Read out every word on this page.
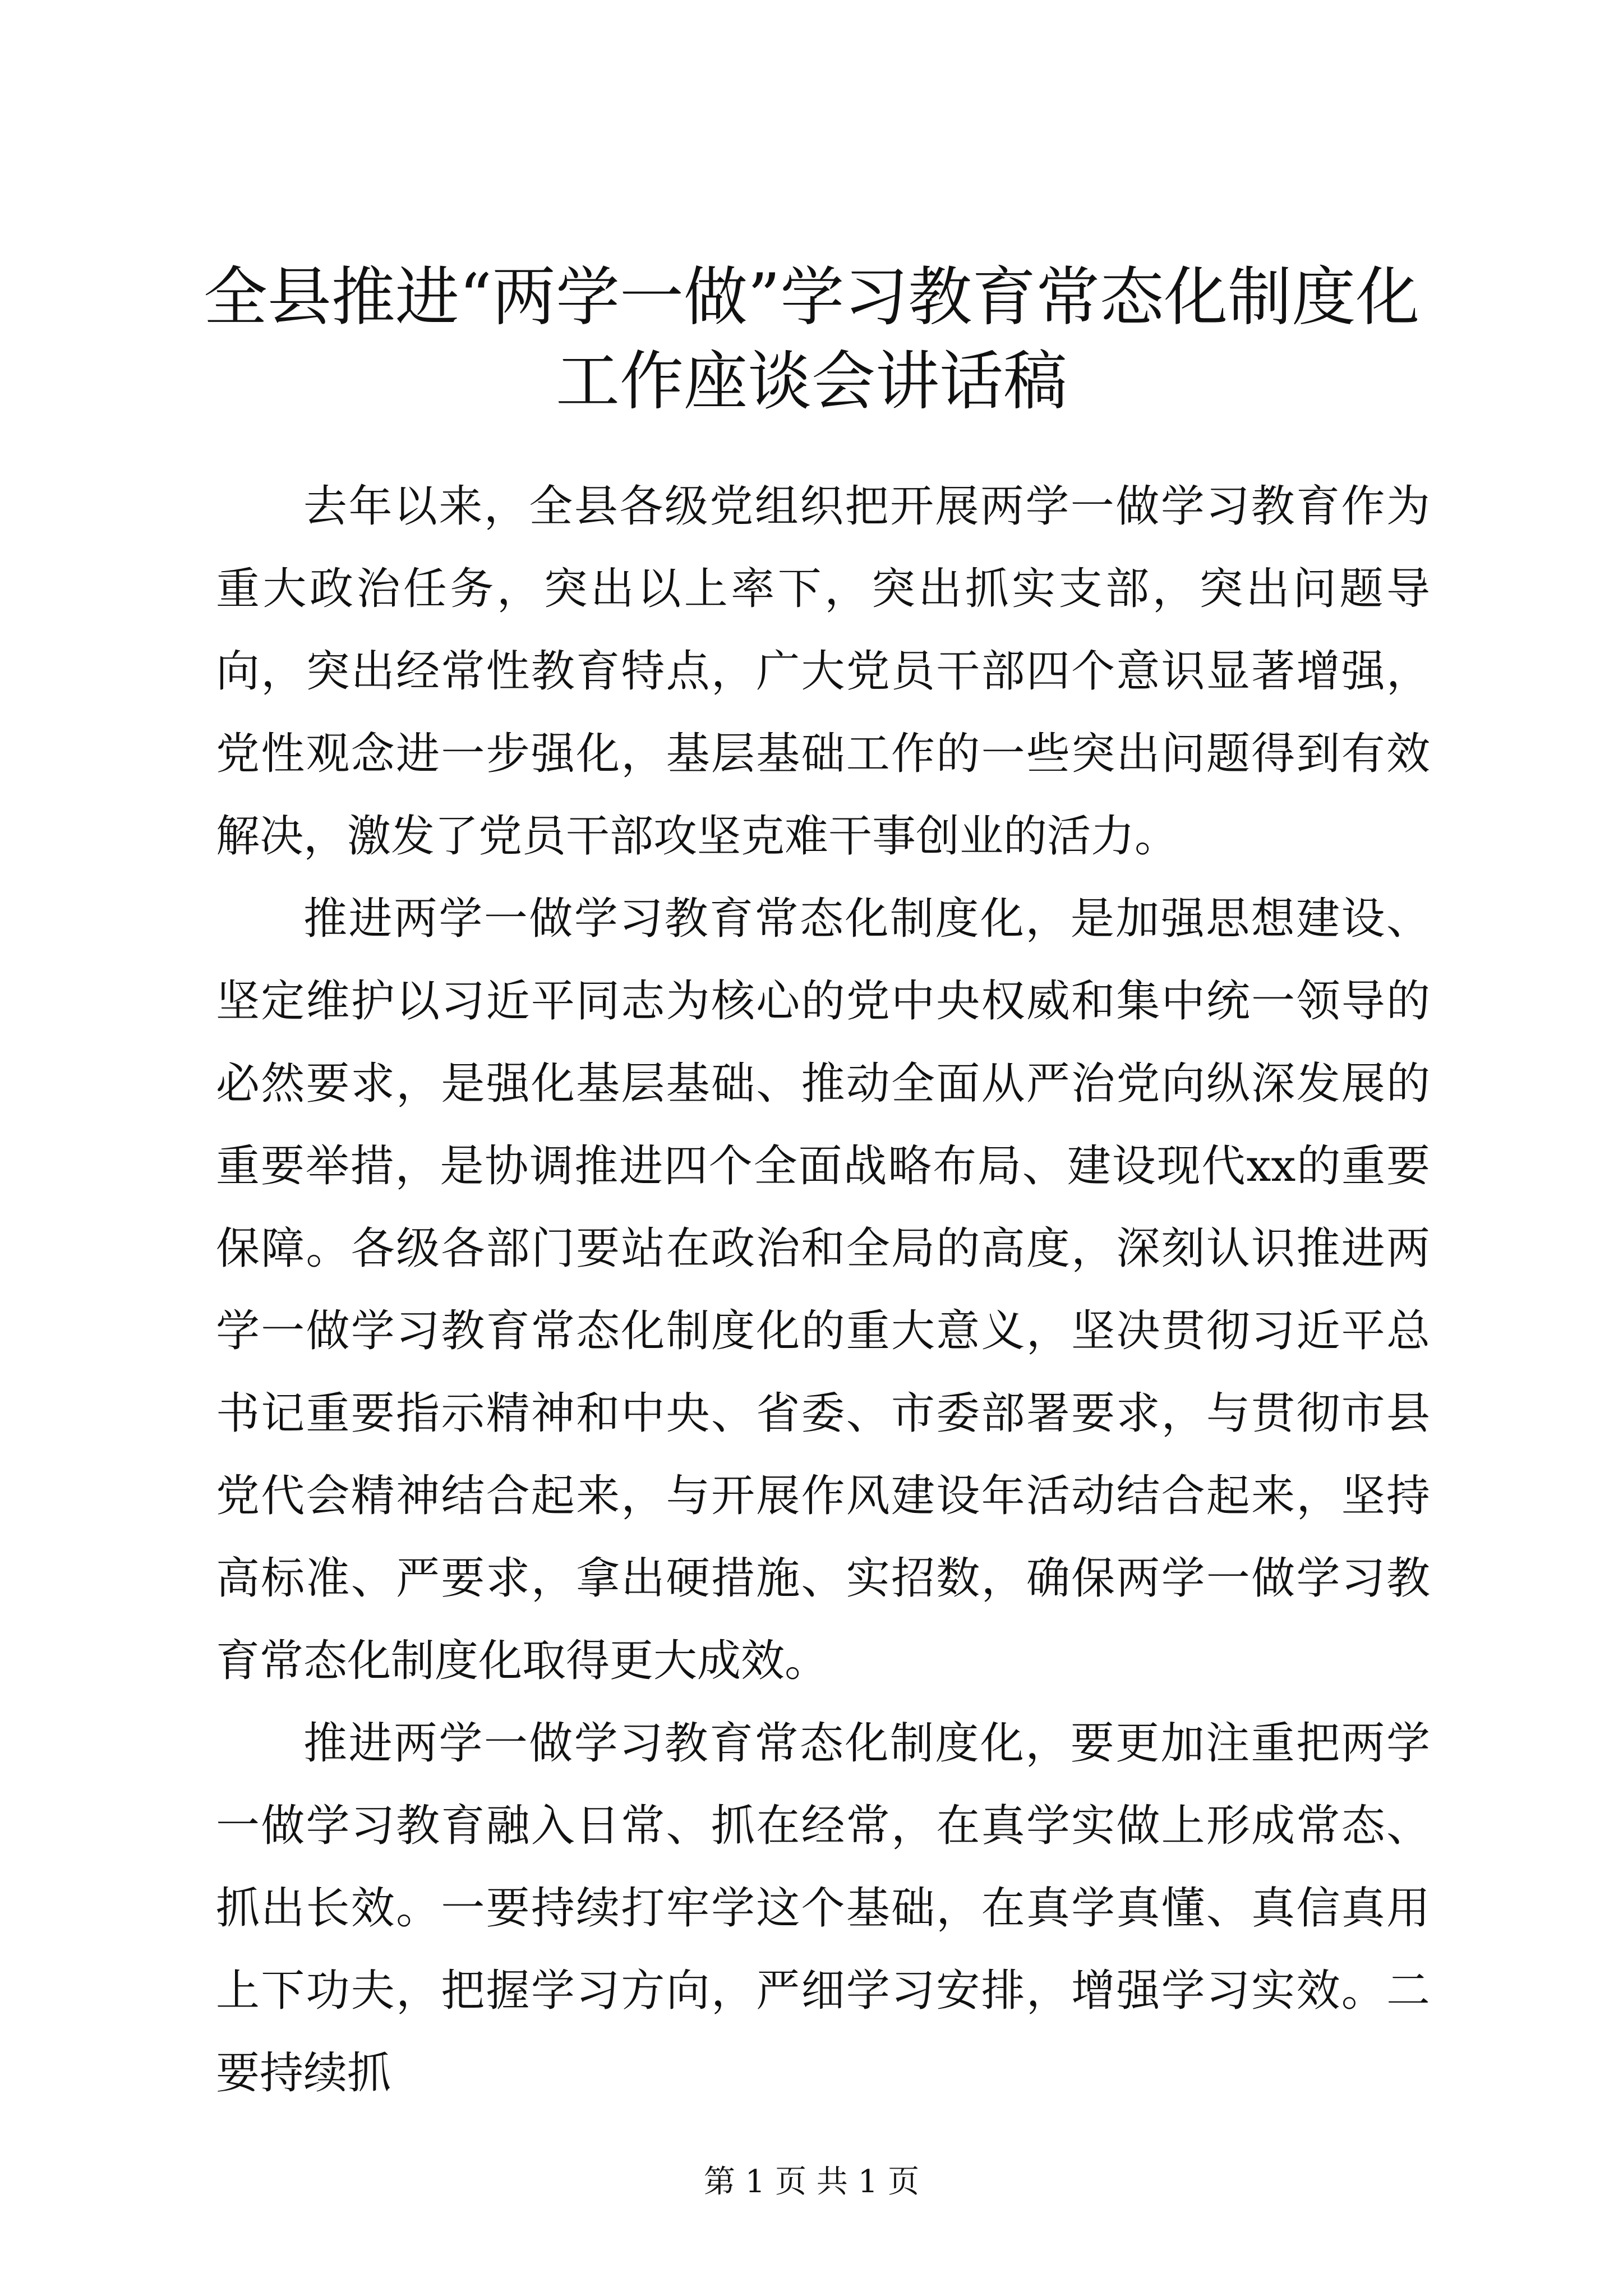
全县推进“两学一做”学习教育常态化制度化
工作座谈会讲话稿

去年以来，全县各级党组织把开展两学一做学习教育作为重大政治任务，突出以上率下，突出抓实支部，突出问题导向，突出经常性教育特点，广大党员干部四个意识显著增强，党性观念进一步强化，基层基础工作的一些突出问题得到有效解决，激发了党员干部攻坚克难干事创业的活力。

推进两学一做学习教育常态化制度化，是加强思想建设、坚定维护以习近平同志为核心的党中央权威和集中统一领导的必然要求，是强化基层基础、推动全面从严治党向纵深发展的重要举措，是协调推进四个全面战略布局、建设现代xx的重要保障。各级各部门要站在政治和全局的高度，深刻认识推进两学一做学习教育常态化制度化的重大意义，坚决贯彻习近平总书记重要指示精神和中央、省委、市委部署要求，与贯彻市县党代会精神结合起来，与开展作风建设年活动结合起来，坚持高标准、严要求，拿出硬措施、实招数，确保两学一做学习教育常态化制度化取得更大成效。

推进两学一做学习教育常态化制度化，要更加注重把两学一做学习教育融入日常、抓在经常，在真学实做上形成常态、抓出长效。一要持续打牢学这个基础，在真学真懂、真信真用上下功夫，把握学习方向，严细学习安排，增强学习实效。二要持续抓

第 1 页 共 1 页
